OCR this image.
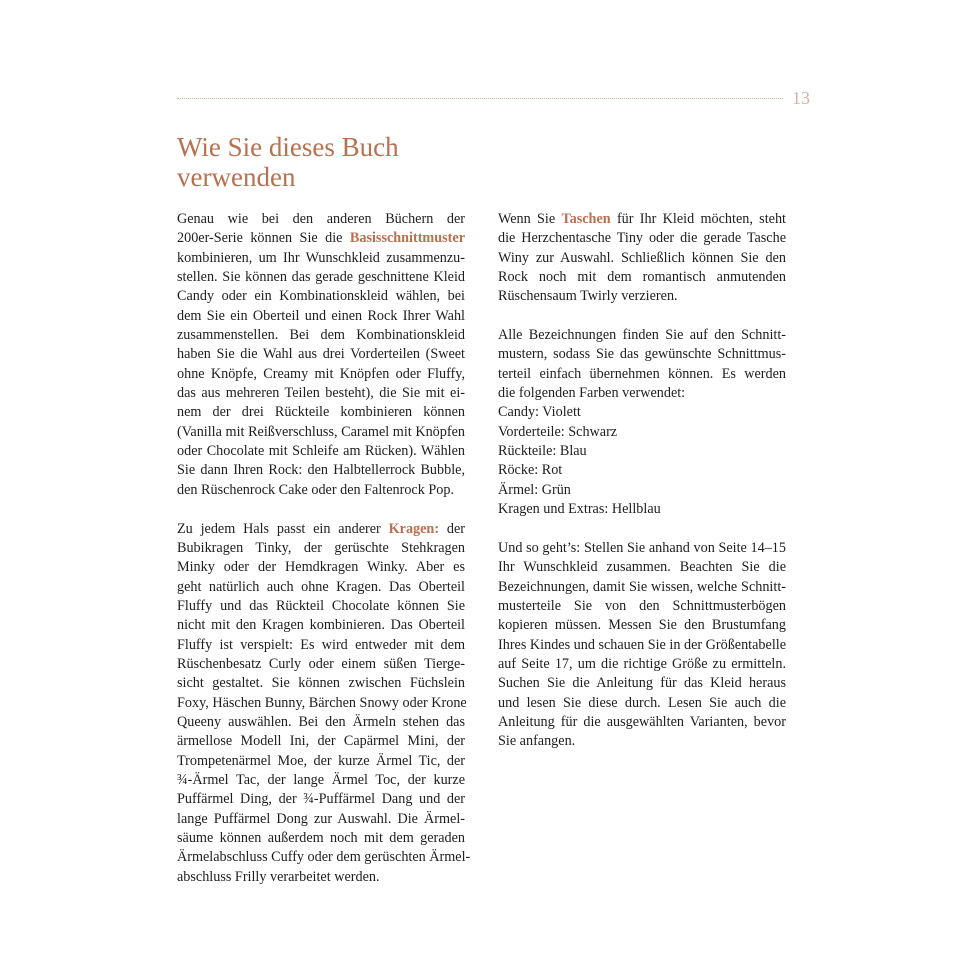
13
Wie Sie dieses Buch
verwenden
Genau wie bei den anderen Büchern der
200er-Serie können Sie die Basisschnittmuster
kombinieren, um Ihr Wunschkleid zusammenzu-
stellen. Sie können das gerade geschnittene Kleid
Candy oder ein Kombinationskleid wählen, bei
dem Sie ein Oberteil und einen Rock Ihrer Wahl
zusammenstellen. Bei dem Kombinationskleid
haben Sie die Wahl aus drei Vorderteilen (Sweet
ohne Knöpfe, Creamy mit Knöpfen oder Fluffy,
das aus mehreren Teilen besteht), die Sie mit ei-
nem der drei Rückteile kombinieren können
(Vanilla mit Reißverschluss, Caramel mit Knöpfen
oder Chocolate mit Schleife am Rücken). Wählen
Sie dann Ihren Rock: den Halbtellerrock Bubble,
den Rüschenrock Cake oder den Faltenrock Pop.
Zu jedem Hals passt ein anderer Kragen: der
Bubikragen Tinky, der gerüschte Stehkragen
Minky oder der Hemdkragen Winky. Aber es
geht natürlich auch ohne Kragen. Das Oberteil
Fluffy und das Rückteil Chocolate können Sie
nicht mit den Kragen kombinieren. Das Oberteil
Fluffy ist verspielt: Es wird entweder mit dem
Rüschenbesatz Curly oder einem süßen Tierge-
sicht gestaltet. Sie können zwischen Füchslein
Foxy, Häschen Bunny, Bärchen Snowy oder Krone
Queeny auswählen. Bei den Ärmeln stehen das
ärmellose Modell Ini, der Capärmel Mini, der
Trompetenärmel Moe, der kurze Ärmel Tic, der
¾-Ärmel Tac, der lange Ärmel Toc, der kurze
Puffärmel Ding, der ¾-Puffärmel Dang und der
lange Puffärmel Dong zur Auswahl. Die Ärmel-
säume können außerdem noch mit dem geraden
Ärmelabschluss Cuffy oder dem gerüschten Ärmel-
abschluss Frilly verarbeitet werden.
Wenn Sie Taschen für Ihr Kleid möchten, steht
die Herzchentasche Tiny oder die gerade Tasche
Winy zur Auswahl. Schließlich können Sie den
Rock noch mit dem romantisch anmutenden
Rüschensaum Twirly verzieren.
Alle Bezeichnungen finden Sie auf den Schnitt-
mustern, sodass Sie das gewünschte Schnittmus-
terteil einfach übernehmen können. Es werden
die folgenden Farben verwendet:
Candy: Violett
Vorderteile: Schwarz
Rückteile: Blau
Röcke: Rot
Ärmel: Grün
Kragen und Extras: Hellblau
Und so geht’s: Stellen Sie anhand von Seite 14–15
Ihr Wunschkleid zusammen. Beachten Sie die
Bezeichnungen, damit Sie wissen, welche Schnitt-
musterteile Sie von den Schnittmusterbögen
kopieren müssen. Messen Sie den Brustumfang
Ihres Kindes und schauen Sie in der Größentabelle
auf Seite 17, um die richtige Größe zu ermitteln.
Suchen Sie die Anleitung für das Kleid heraus
und lesen Sie diese durch. Lesen Sie auch die
Anleitung für die ausgewählten Varianten, bevor
Sie anfangen.
